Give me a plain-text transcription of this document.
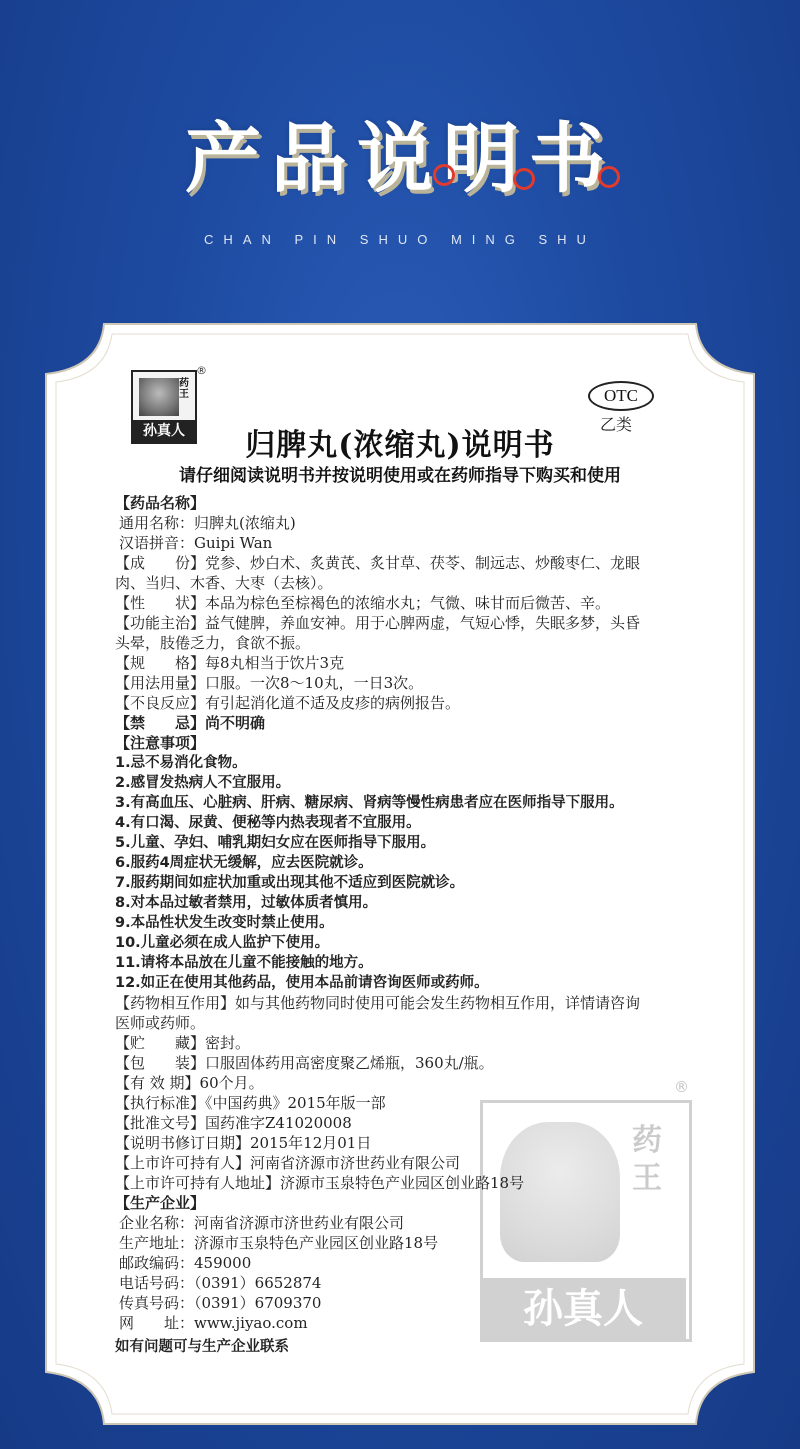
产品说明书
CHAN PIN SHUO MING SHU
药王
孙真人
®
药王
孙真人
®
OTC
乙类
归脾丸(浓缩丸)说明书
请仔细阅读说明书并按说明使用或在药师指导下购买和使用
【药品名称】
通用名称：归脾丸(浓缩丸)
汉语拼音：Guipi Wan
【成　　份】党参、炒白术、炙黄芪、炙甘草、茯苓、制远志、炒酸枣仁、龙眼
肉、当归、木香、大枣（去核）。
【性　　状】本品为棕色至棕褐色的浓缩水丸；气微、味甘而后微苦、辛。
【功能主治】益气健脾，养血安神。用于心脾两虚，气短心悸，失眠多梦，头昏
头晕，肢倦乏力，食欲不振。
【规　　格】每8丸相当于饮片3克
【用法用量】口服。一次8～10丸，一日3次。
【不良反应】有引起消化道不适及皮疹的病例报告。
【禁　　忌】尚不明确
【注意事项】
1.忌不易消化食物。
2.感冒发热病人不宜服用。
3.有高血压、心脏病、肝病、糖尿病、肾病等慢性病患者应在医师指导下服用。
4.有口渴、尿黄、便秘等内热表现者不宜服用。
5.儿童、孕妇、哺乳期妇女应在医师指导下服用。
6.服药4周症状无缓解，应去医院就诊。
7.服药期间如症状加重或出现其他不适应到医院就诊。
8.对本品过敏者禁用，过敏体质者慎用。
9.本品性状发生改变时禁止使用。
10.儿童必须在成人监护下使用。
11.请将本品放在儿童不能接触的地方。
12.如正在使用其他药品，使用本品前请咨询医师或药师。
【药物相互作用】如与其他药物同时使用可能会发生药物相互作用，详情请咨询
医师或药师。
【贮　　藏】密封。
【包　　装】口服固体药用高密度聚乙烯瓶，360丸/瓶。
【有 效 期】60个月。
【执行标准】《中国药典》2015年版一部
【批准文号】国药准字Z41020008
【说明书修订日期】2015年12月01日
【上市许可持有人】河南省济源市济世药业有限公司
【上市许可持有人地址】济源市玉泉特色产业园区创业路18号
【生产企业】
企业名称：河南省济源市济世药业有限公司
生产地址：济源市玉泉特色产业园区创业路18号
邮政编码：459000
电话号码：（0391）6652874
传真号码：（0391）6709370
网　　址：www.jiyao.com
如有问题可与生产企业联系
